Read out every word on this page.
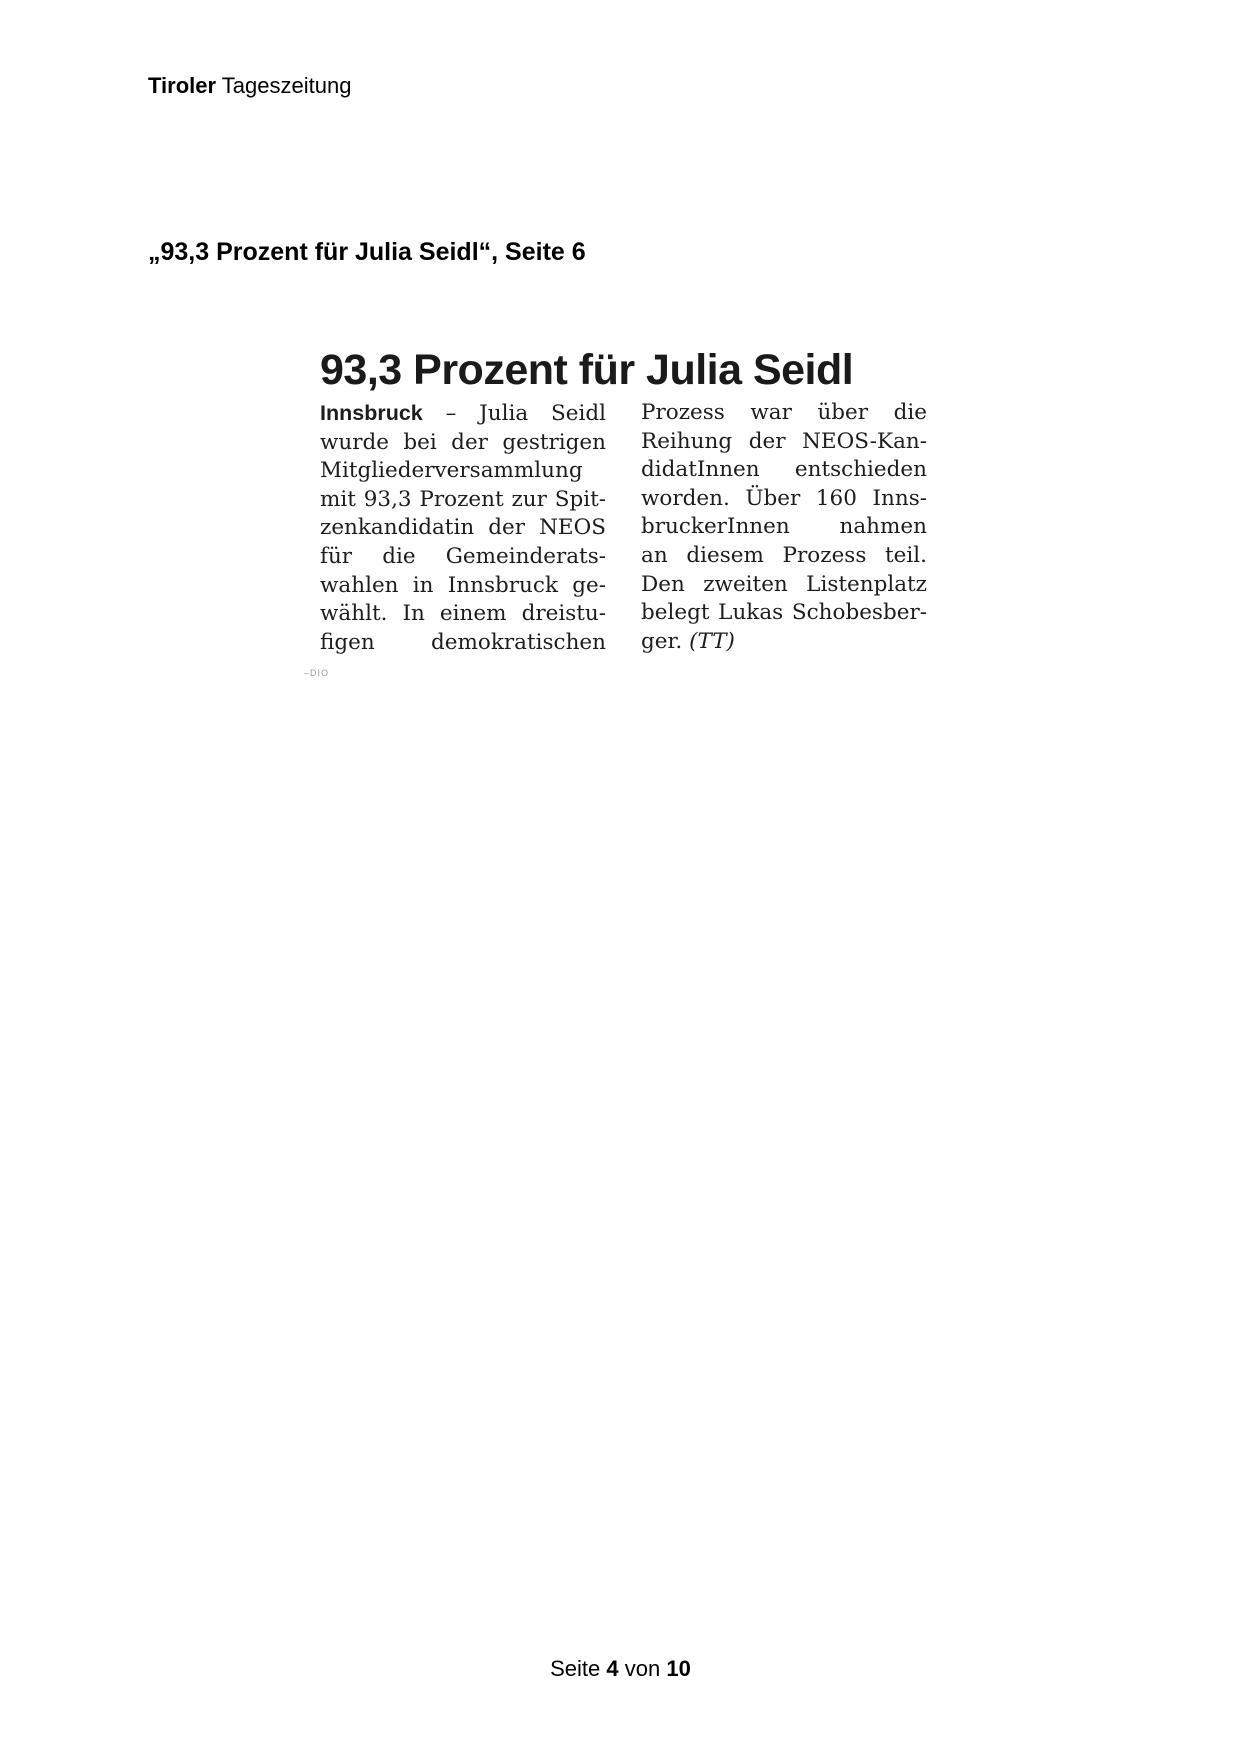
Tiroler Tageszeitung
„93,3 Prozent für Julia Seidl“, Seite 6
93,3 Prozent für Julia Seidl
Innsbruck – Julia Seidl
wurde bei der gestrigen
Mitgliederversammlung
mit 93,3 Prozent zur Spit-
zenkandidatin der NEOS
für die Gemeinderats-
wahlen in Innsbruck ge-
wählt. In einem dreistu-
figen demokratischen
Prozess war über die
Reihung der NEOS-Kan-
didatInnen entschieden
worden. Über 160 Inns-
bruckerInnen nahmen
an diesem Prozess teil.
Den zweiten Listenplatz
belegt Lukas Schobesber-
ger. (TT)
–DIO
Seite 4 von 10
